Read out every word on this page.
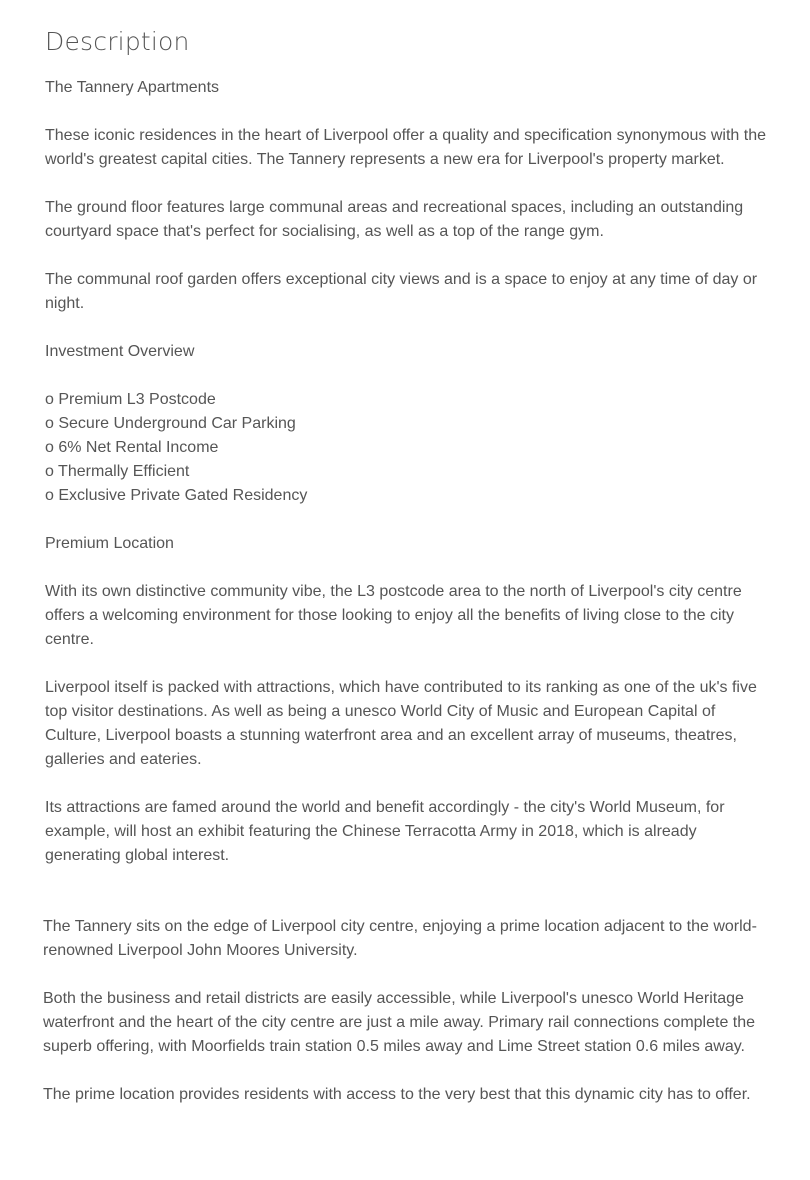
Description

The Tannery Apartments

These iconic residences in the heart of Liverpool offer a quality and specification synonymous with the world's greatest capital cities. The Tannery represents a new era for Liverpool's property market.

The ground floor features large communal areas and recreational spaces, including an outstanding courtyard space that's perfect for socialising, as well as a top of the range gym.

The communal roof garden offers exceptional city views and is a space to enjoy at any time of day or night.

Investment Overview

o Premium L3 Postcode
o Secure Underground Car Parking
o 6% Net Rental Income
o Thermally Efficient
o Exclusive Private Gated Residency

Premium Location

With its own distinctive community vibe, the L3 postcode area to the north of Liverpool's city centre offers a welcoming environment for those looking to enjoy all the benefits of living close to the city centre.

Liverpool itself is packed with attractions, which have contributed to its ranking as one of the uk's five top visitor destinations. As well as being a unesco World City of Music and European Capital of Culture, Liverpool boasts a stunning waterfront area and an excellent array of museums, theatres, galleries and eateries.

Its attractions are famed around the world and benefit accordingly - the city's World Museum, for example, will host an exhibit featuring the Chinese Terracotta Army in 2018, which is already generating global interest.

The Tannery sits on the edge of Liverpool city centre, enjoying a prime location adjacent to the world-renowned Liverpool John Moores University.

Both the business and retail districts are easily accessible, while Liverpool's unesco World Heritage waterfront and the heart of the city centre are just a mile away. Primary rail connections complete the superb offering, with Moorfields train station 0.5 miles away and Lime Street station 0.6 miles away.

The prime location provides residents with access to the very best that this dynamic city has to offer.
